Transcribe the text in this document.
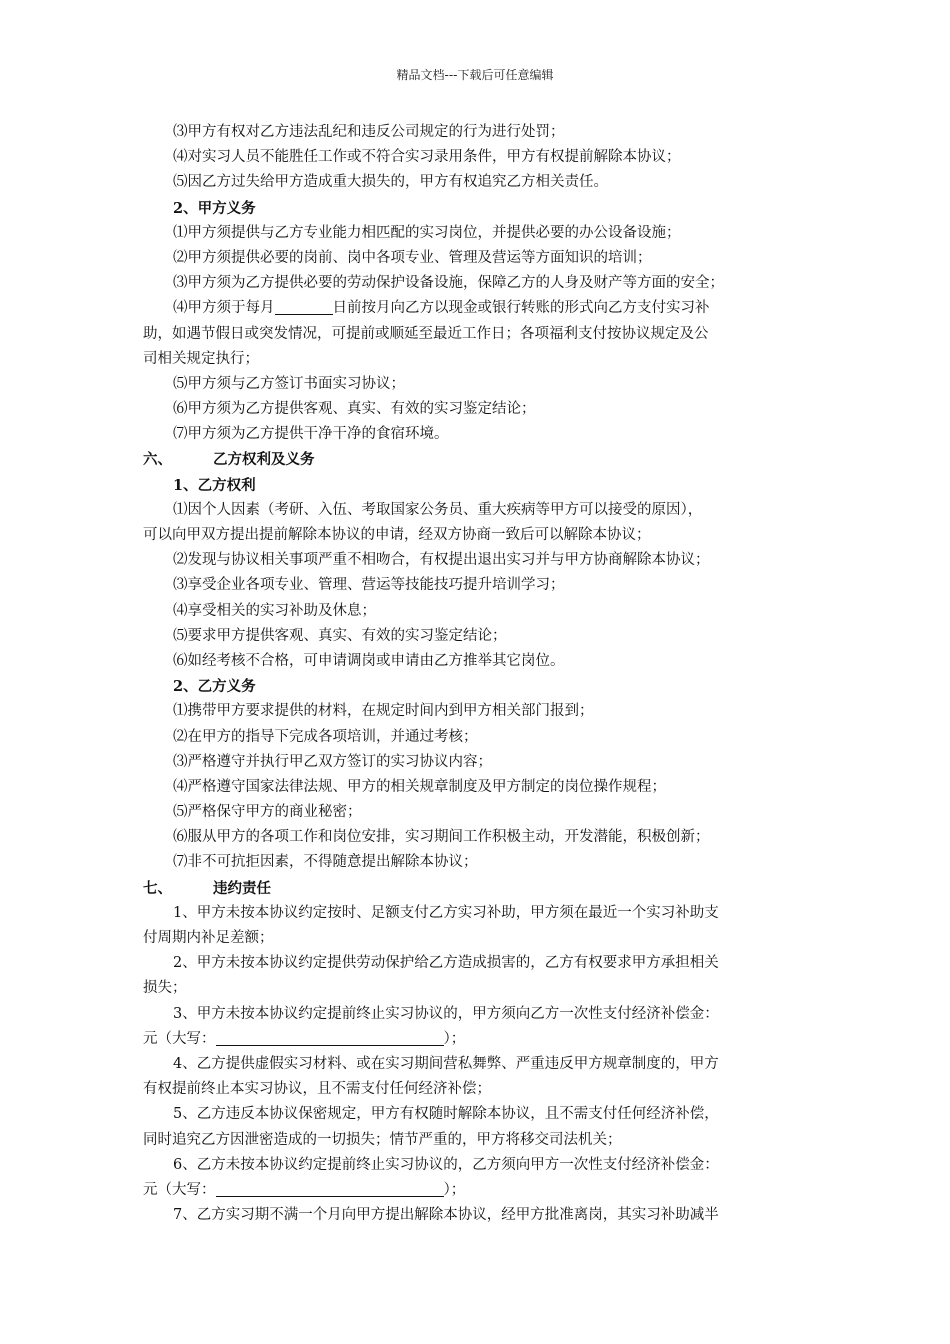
精品文档---下载后可任意编辑
⑶甲方有权对乙方违法乱纪和违反公司规定的行为进行处罚；
⑷对实习人员不能胜任工作或不符合实习录用条件，甲方有权提前解除本协议；
⑸因乙方过失给甲方造成重大损失的，甲方有权追究乙方相关责任。
2、甲方义务
⑴甲方须提供与乙方专业能力相匹配的实习岗位，并提供必要的办公设备设施；
⑵甲方须提供必要的岗前、岗中各项专业、管理及营运等方面知识的培训；
⑶甲方须为乙方提供必要的劳动保护设备设施，保障乙方的人身及财产等方面的安全；
⑷甲方须于每月	日前按月向乙方以现金或银行转账的形式向乙方支付实习补
助，如遇节假日或突发情况，可提前或顺延至最近工作日；各项福利支付按协议规定及公
司相关规定执行；
⑸甲方须与乙方签订书面实习协议；
⑹甲方须为乙方提供客观、真实、有效的实习鉴定结论；
⑺甲方须为乙方提供干净干净的食宿环境。
六、	乙方权利及义务
1、乙方权利
⑴因个人因素（考研、入伍、考取国家公务员、重大疾病等甲方可以接受的原因），
可以向甲双方提出提前解除本协议的申请，经双方协商一致后可以解除本协议；
⑵发现与协议相关事项严重不相吻合，有权提出退出实习并与甲方协商解除本协议；
⑶享受企业各项专业、管理、营运等技能技巧提升培训学习；
⑷享受相关的实习补助及休息；
⑸要求甲方提供客观、真实、有效的实习鉴定结论；
⑹如经考核不合格，可申请调岗或申请由乙方推举其它岗位。
2、乙方义务
⑴携带甲方要求提供的材料，在规定时间内到甲方相关部门报到；
⑵在甲方的指导下完成各项培训，并通过考核；
⑶严格遵守并执行甲乙双方签订的实习协议内容；
⑷严格遵守国家法律法规、甲方的相关规章制度及甲方制定的岗位操作规程；
⑸严格保守甲方的商业秘密；
⑹服从甲方的各项工作和岗位安排，实习期间工作积极主动，开发潜能，积极创新；
⑺非不可抗拒因素，不得随意提出解除本协议；
七、	违约责任
1、甲方未按本协议约定按时、足额支付乙方实习补助，甲方须在最近一个实习补助支
付周期内补足差额；
2、甲方未按本协议约定提供劳动保护给乙方造成损害的，乙方有权要求甲方承担相关
损失；
3、甲方未按本协议约定提前终止实习协议的，甲方须向乙方一次性支付经济补偿金：
元（大写：	）；
4、乙方提供虚假实习材料、或在实习期间营私舞弊、严重违反甲方规章制度的，甲方
有权提前终止本实习协议，且不需支付任何经济补偿；
5、乙方违反本协议保密规定，甲方有权随时解除本协议，且不需支付任何经济补偿，
同时追究乙方因泄密造成的一切损失；情节严重的，甲方将移交司法机关；
6、乙方未按本协议约定提前终止实习协议的，乙方须向甲方一次性支付经济补偿金：
元（大写：	）；
7、乙方实习期不满一个月向甲方提出解除本协议，经甲方批准离岗，其实习补助减半
